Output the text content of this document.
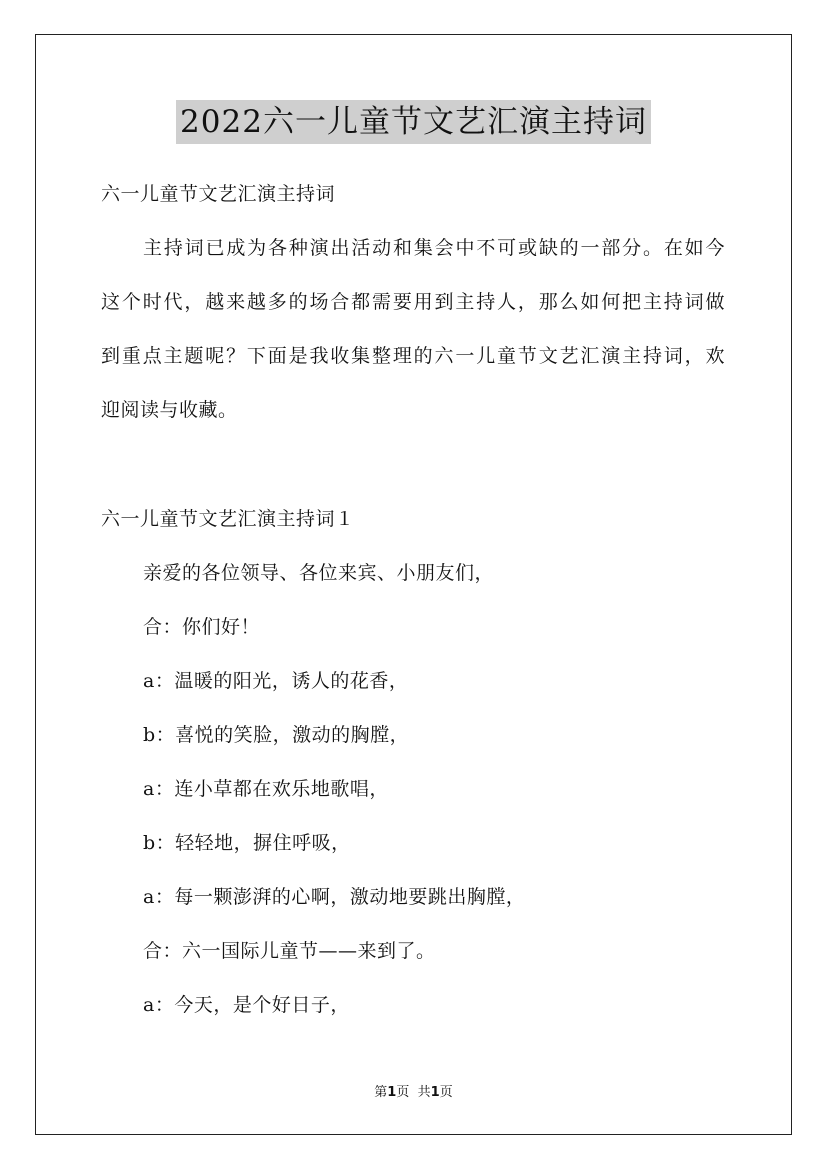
2022六一儿童节文艺汇演主持词

六一儿童节文艺汇演主持词

主持词已成为各种演出活动和集会中不可或缺的一部分。在如今

这个时代，越来越多的场合都需要用到主持人，那么如何把主持词做

到重点主题呢？下面是我收集整理的六一儿童节文艺汇演主持词，欢

迎阅读与收藏。

六一儿童节文艺汇演主持词１

亲爱的各位领导、各位来宾、小朋友们，

合：你们好！

a：温暖的阳光，诱人的花香，

b：喜悦的笑脸，激动的胸膛，

a：连小草都在欢乐地歌唱，

b：轻轻地，摒住呼吸，

a：每一颗澎湃的心啊，激动地要跳出胸膛，

合：六一国际儿童节——来到了。

a：今天，是个好日子，

第1页 共1页
